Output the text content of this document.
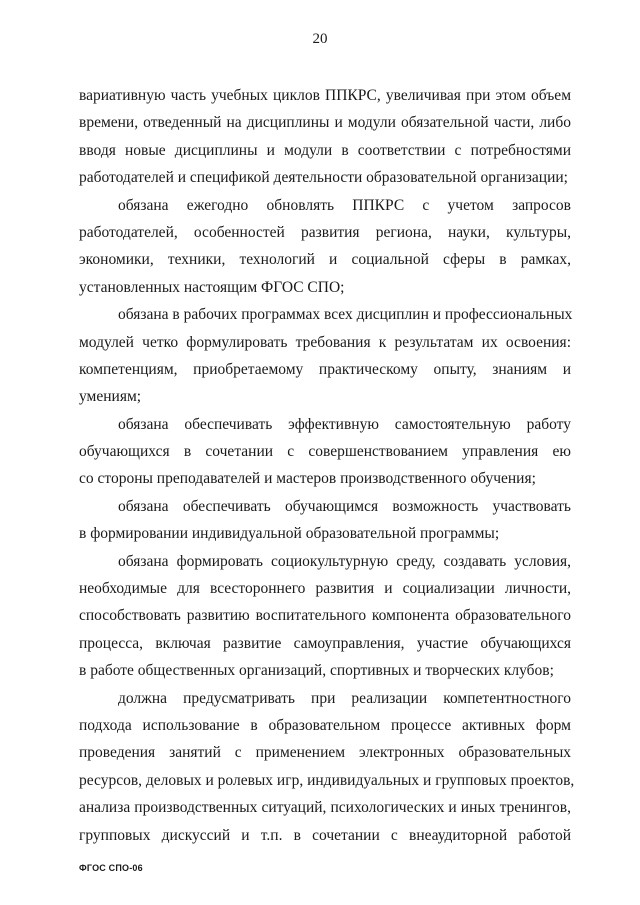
20
вариативную часть учебных циклов ППКРС, увеличивая при этом объем
времени, отведенный на дисциплины и модули обязательной части, либо
вводя новые дисциплины и модули в соответствии с потребностями
работодателей и спецификой деятельности образовательной организации;
обязана ежегодно обновлять ППКРС с учетом запросов
работодателей, особенностей развития региона, науки, культуры,
экономики, техники, технологий и социальной сферы в рамках,
установленных настоящим ФГОС СПО;
обязана в рабочих программах всех дисциплин и профессиональных
модулей четко формулировать требования к результатам их освоения:
компетенциям, приобретаемому практическому опыту, знаниям и
умениям;
обязана обеспечивать эффективную самостоятельную работу
обучающихся в сочетании с совершенствованием управления ею
со стороны преподавателей и мастеров производственного обучения;
обязана обеспечивать обучающимся возможность участвовать
в формировании индивидуальной образовательной программы;
обязана формировать социокультурную среду, создавать условия,
необходимые для всестороннего развития и социализации личности,
способствовать развитию воспитательного компонента образовательного
процесса, включая развитие самоуправления, участие обучающихся
в работе общественных организаций, спортивных и творческих клубов;
должна предусматривать при реализации компетентностного
подхода использование в образовательном процессе активных форм
проведения занятий с применением электронных образовательных
ресурсов, деловых и ролевых игр, индивидуальных и групповых проектов,
анализа производственных ситуаций, психологических и иных тренингов,
групповых дискуссий и т.п. в сочетании с внеаудиторной работой
ФГОС СПО-06
